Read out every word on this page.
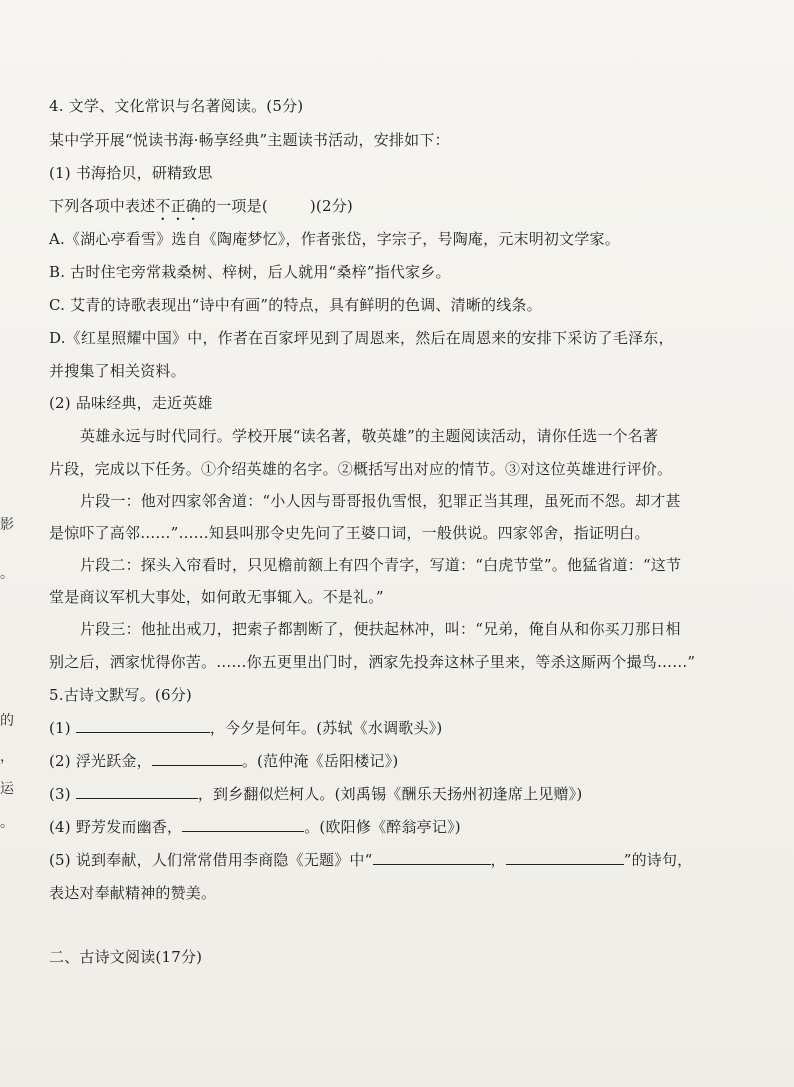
4. 文学、文化常识与名著阅读。(5分)
某中学开展“悦读书海·畅享经典”主题读书活动，安排如下：
(1) 书海拾贝，研精致思
下列各项中表述不正确的一项是(	)(2分)
A.《湖心亭看雪》选自《陶庵梦忆》，作者张岱，字宗子，号陶庵，元末明初文学家。
B. 古时住宅旁常栽桑树、梓树，后人就用“桑梓”指代家乡。
C. 艾青的诗歌表现出“诗中有画”的特点，具有鲜明的色调、清晰的线条。
D.《红星照耀中国》中，作者在百家坪见到了周恩来，然后在周恩来的安排下采访了毛泽东，
并搜集了相关资料。
(2) 品味经典，走近英雄
英雄永远与时代同行。学校开展“读名著，敬英雄”的主题阅读活动，请你任选一个名著
片段，完成以下任务。①介绍英雄的名字。②概括写出对应的情节。③对这位英雄进行评价。
片段一：他对四家邻舍道：“小人因与哥哥报仇雪恨，犯罪正当其理，虽死而不怨。却才甚
是惊吓了高邻……”……知县叫那令史先问了王婆口词，一般供说。四家邻舍，指证明白。
片段二：探头入帘看时，只见檐前额上有四个青字，写道：“白虎节堂”。他猛省道：“这节
堂是商议军机大事处，如何敢无事辄入。不是礼。”
片段三：他扯出戒刀，把索子都割断了，便扶起林冲，叫：“兄弟，俺自从和你买刀那日相
别之后，洒家忧得你苦。……你五更里出门时，洒家先投奔这林子里来，等杀这厮两个撮鸟……”
5.古诗文默写。(6分)
(1)	，今夕是何年。(苏轼《水调歌头》)
(2) 浮光跃金，	。(范仲淹《岳阳楼记》)
(3)	，到乡翻似烂柯人。(刘禹锡《酬乐天扬州初逢席上见赠》)
(4) 野芳发而幽香，	。(欧阳修《醉翁亭记》)
(5) 说到奉献，人们常常借用李商隐《无题》中“	，	”的诗句，
表达对奉献精神的赞美。
二、古诗文阅读(17分)
影
。
的
，
运
。
